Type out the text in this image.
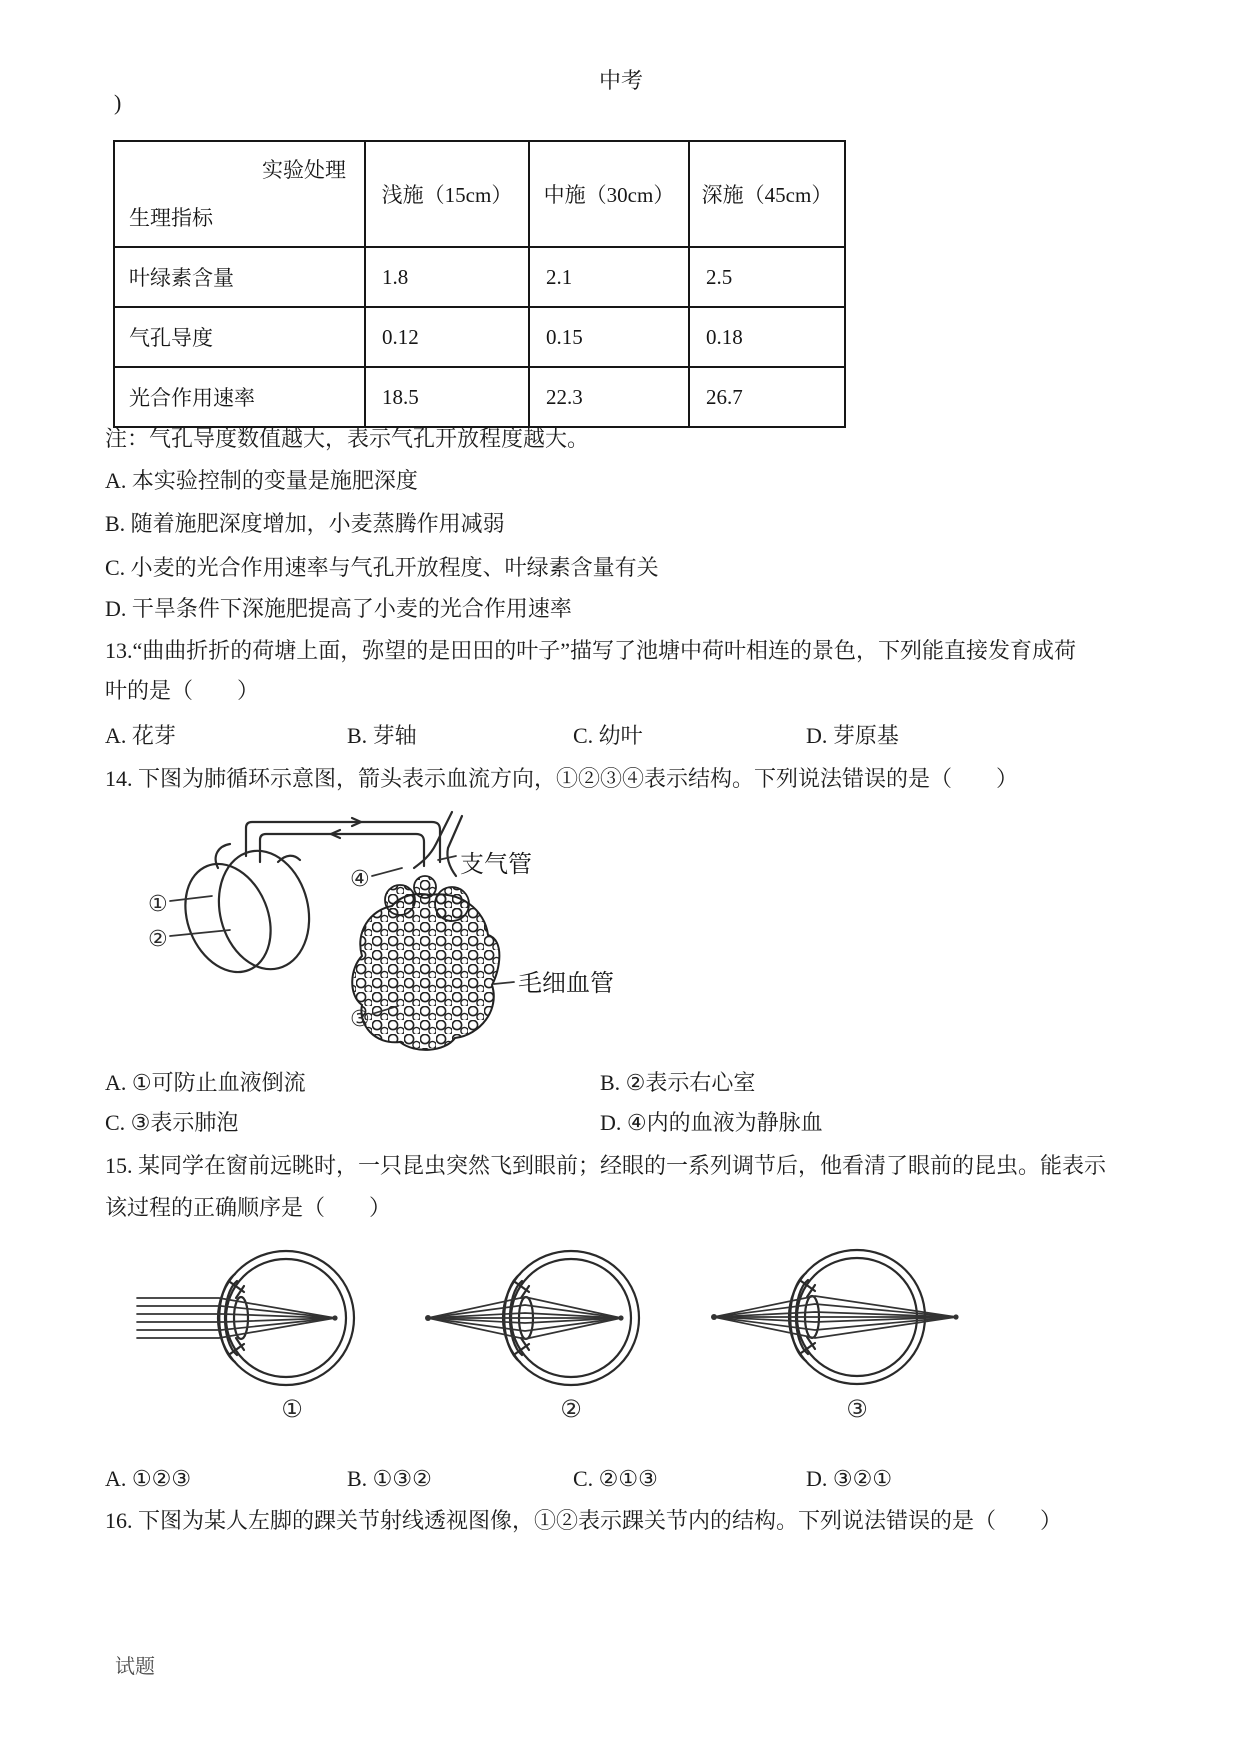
中考
)
实验处理
生理指标	浅施（15cm）	中施（30cm）	深施（45cm）
叶绿素含量	1.8	2.1	2.5
气孔导度	0.12	0.15	0.18
光合作用速率	18.5	22.3	26.7
注：气孔导度数值越大，表示气孔开放程度越大。
A. 本实验控制的变量是施肥深度
B. 随着施肥深度增加，小麦蒸腾作用减弱
C. 小麦的光合作用速率与气孔开放程度、叶绿素含量有关
D. 干旱条件下深施肥提高了小麦的光合作用速率
13.“曲曲折折的荷塘上面，弥望的是田田的叶子”描写了池塘中荷叶相连的景色，下列能直接发育成荷
叶的是（　　）
A. 花芽	B. 芽轴	C. 幼叶	D. 芽原基
14. 下图为肺循环示意图，箭头表示血流方向，①②③④表示结构。下列说法错误的是（　　）
①
②
④
③
支气管
毛细血管
A. ①可防止血液倒流	B. ②表示右心室
C. ③表示肺泡	D. ④内的血液为静脉血
15. 某同学在窗前远眺时，一只昆虫突然飞到眼前；经眼的一系列调节后，他看清了眼前的昆虫。能表示
该过程的正确顺序是（　　）
①	②	③
A. ①②③	B. ①③②	C. ②①③	D. ③②①
16. 下图为某人左脚的踝关节射线透视图像，①②表示踝关节内的结构。下列说法错误的是（　　）
试题
